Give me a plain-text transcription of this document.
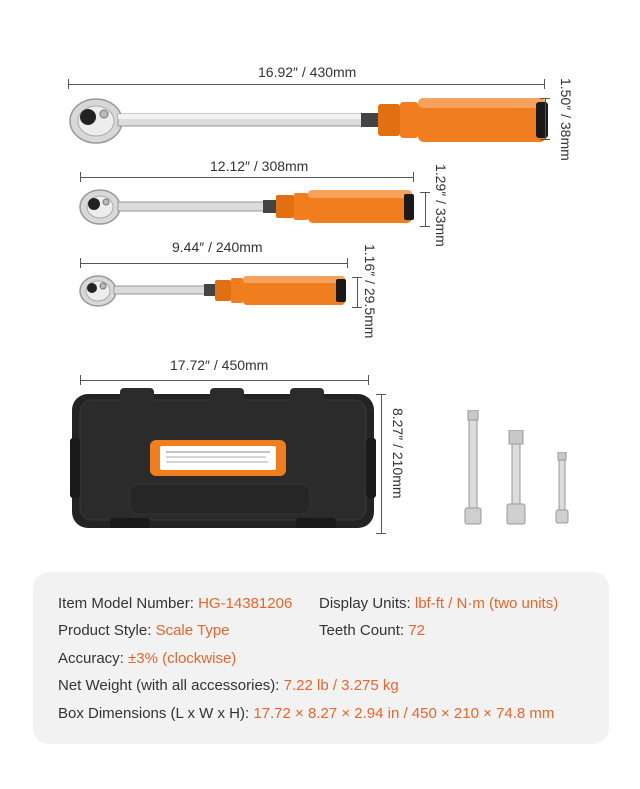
16.92″ / 430mm
1.50″ / 38mm
12.12″ / 308mm	1.29″ / 33mm
9.44″ / 240mm	1.16″ / 29.5mm
17.72″ / 450mm
8.27″ / 210mm
Item Model Number: HG-14381206 Display Units: lbf-ft / N·m (two units)
Product Style: Scale Type	Teeth Count: 72
Accuracy: ±3% (clockwise)
Net Weight (with all accessories): 7.22 lb / 3.275 kg
Box Dimensions (L x W x H): 17.72 × 8.27 × 2.94 in / 450 × 210 × 74.8 mm
